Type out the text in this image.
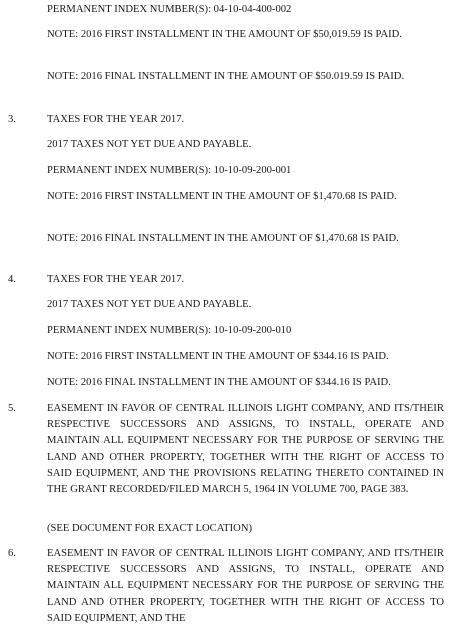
PERMANENT INDEX NUMBER(S): 04-10-04-400-002

NOTE: 2016 FIRST INSTALLMENT IN THE AMOUNT OF $50,019.59 IS PAID.

NOTE: 2016 FINAL INSTALLMENT IN THE AMOUNT OF $50.019.59 IS PAID.

3.	TAXES FOR THE YEAR 2017.

2017 TAXES NOT YET DUE AND PAYABLE.

PERMANENT INDEX NUMBER(S): 10-10-09-200-001

NOTE: 2016 FIRST INSTALLMENT IN THE AMOUNT OF $1,470.68 IS PAID.

NOTE: 2016 FINAL INSTALLMENT IN THE AMOUNT OF $1,470.68 IS PAID.

4.	TAXES FOR THE YEAR 2017.

2017 TAXES NOT YET DUE AND PAYABLE.

PERMANENT INDEX NUMBER(S): 10-10-09-200-010

NOTE: 2016 FIRST INSTALLMENT IN THE AMOUNT OF $344.16 IS PAID.

NOTE: 2016 FINAL INSTALLMENT IN THE AMOUNT OF $344.16 IS PAID.

5.	EASEMENT IN FAVOR OF CENTRAL ILLINOIS LIGHT COMPANY, AND ITS/THEIR RESPECTIVE SUCCESSORS AND ASSIGNS, TO INSTALL, OPERATE AND MAINTAIN ALL EQUIPMENT NECESSARY FOR THE PURPOSE OF SERVING THE LAND AND OTHER PROPERTY, TOGETHER WITH THE RIGHT OF ACCESS TO SAID EQUIPMENT, AND THE PROVISIONS RELATING THERETO CONTAINED IN THE GRANT RECORDED/FILED MARCH 5, 1964 IN VOLUME 700, PAGE 383.

(SEE DOCUMENT FOR EXACT LOCATION)

6.	EASEMENT IN FAVOR OF CENTRAL ILLINOIS LIGHT COMPANY, AND ITS/THEIR RESPECTIVE SUCCESSORS AND ASSIGNS, TO INSTALL, OPERATE AND MAINTAIN ALL EQUIPMENT NECESSARY FOR THE PURPOSE OF SERVING THE LAND AND OTHER PROPERTY, TOGETHER WITH THE RIGHT OF ACCESS TO SAID EQUIPMENT, AND THE
